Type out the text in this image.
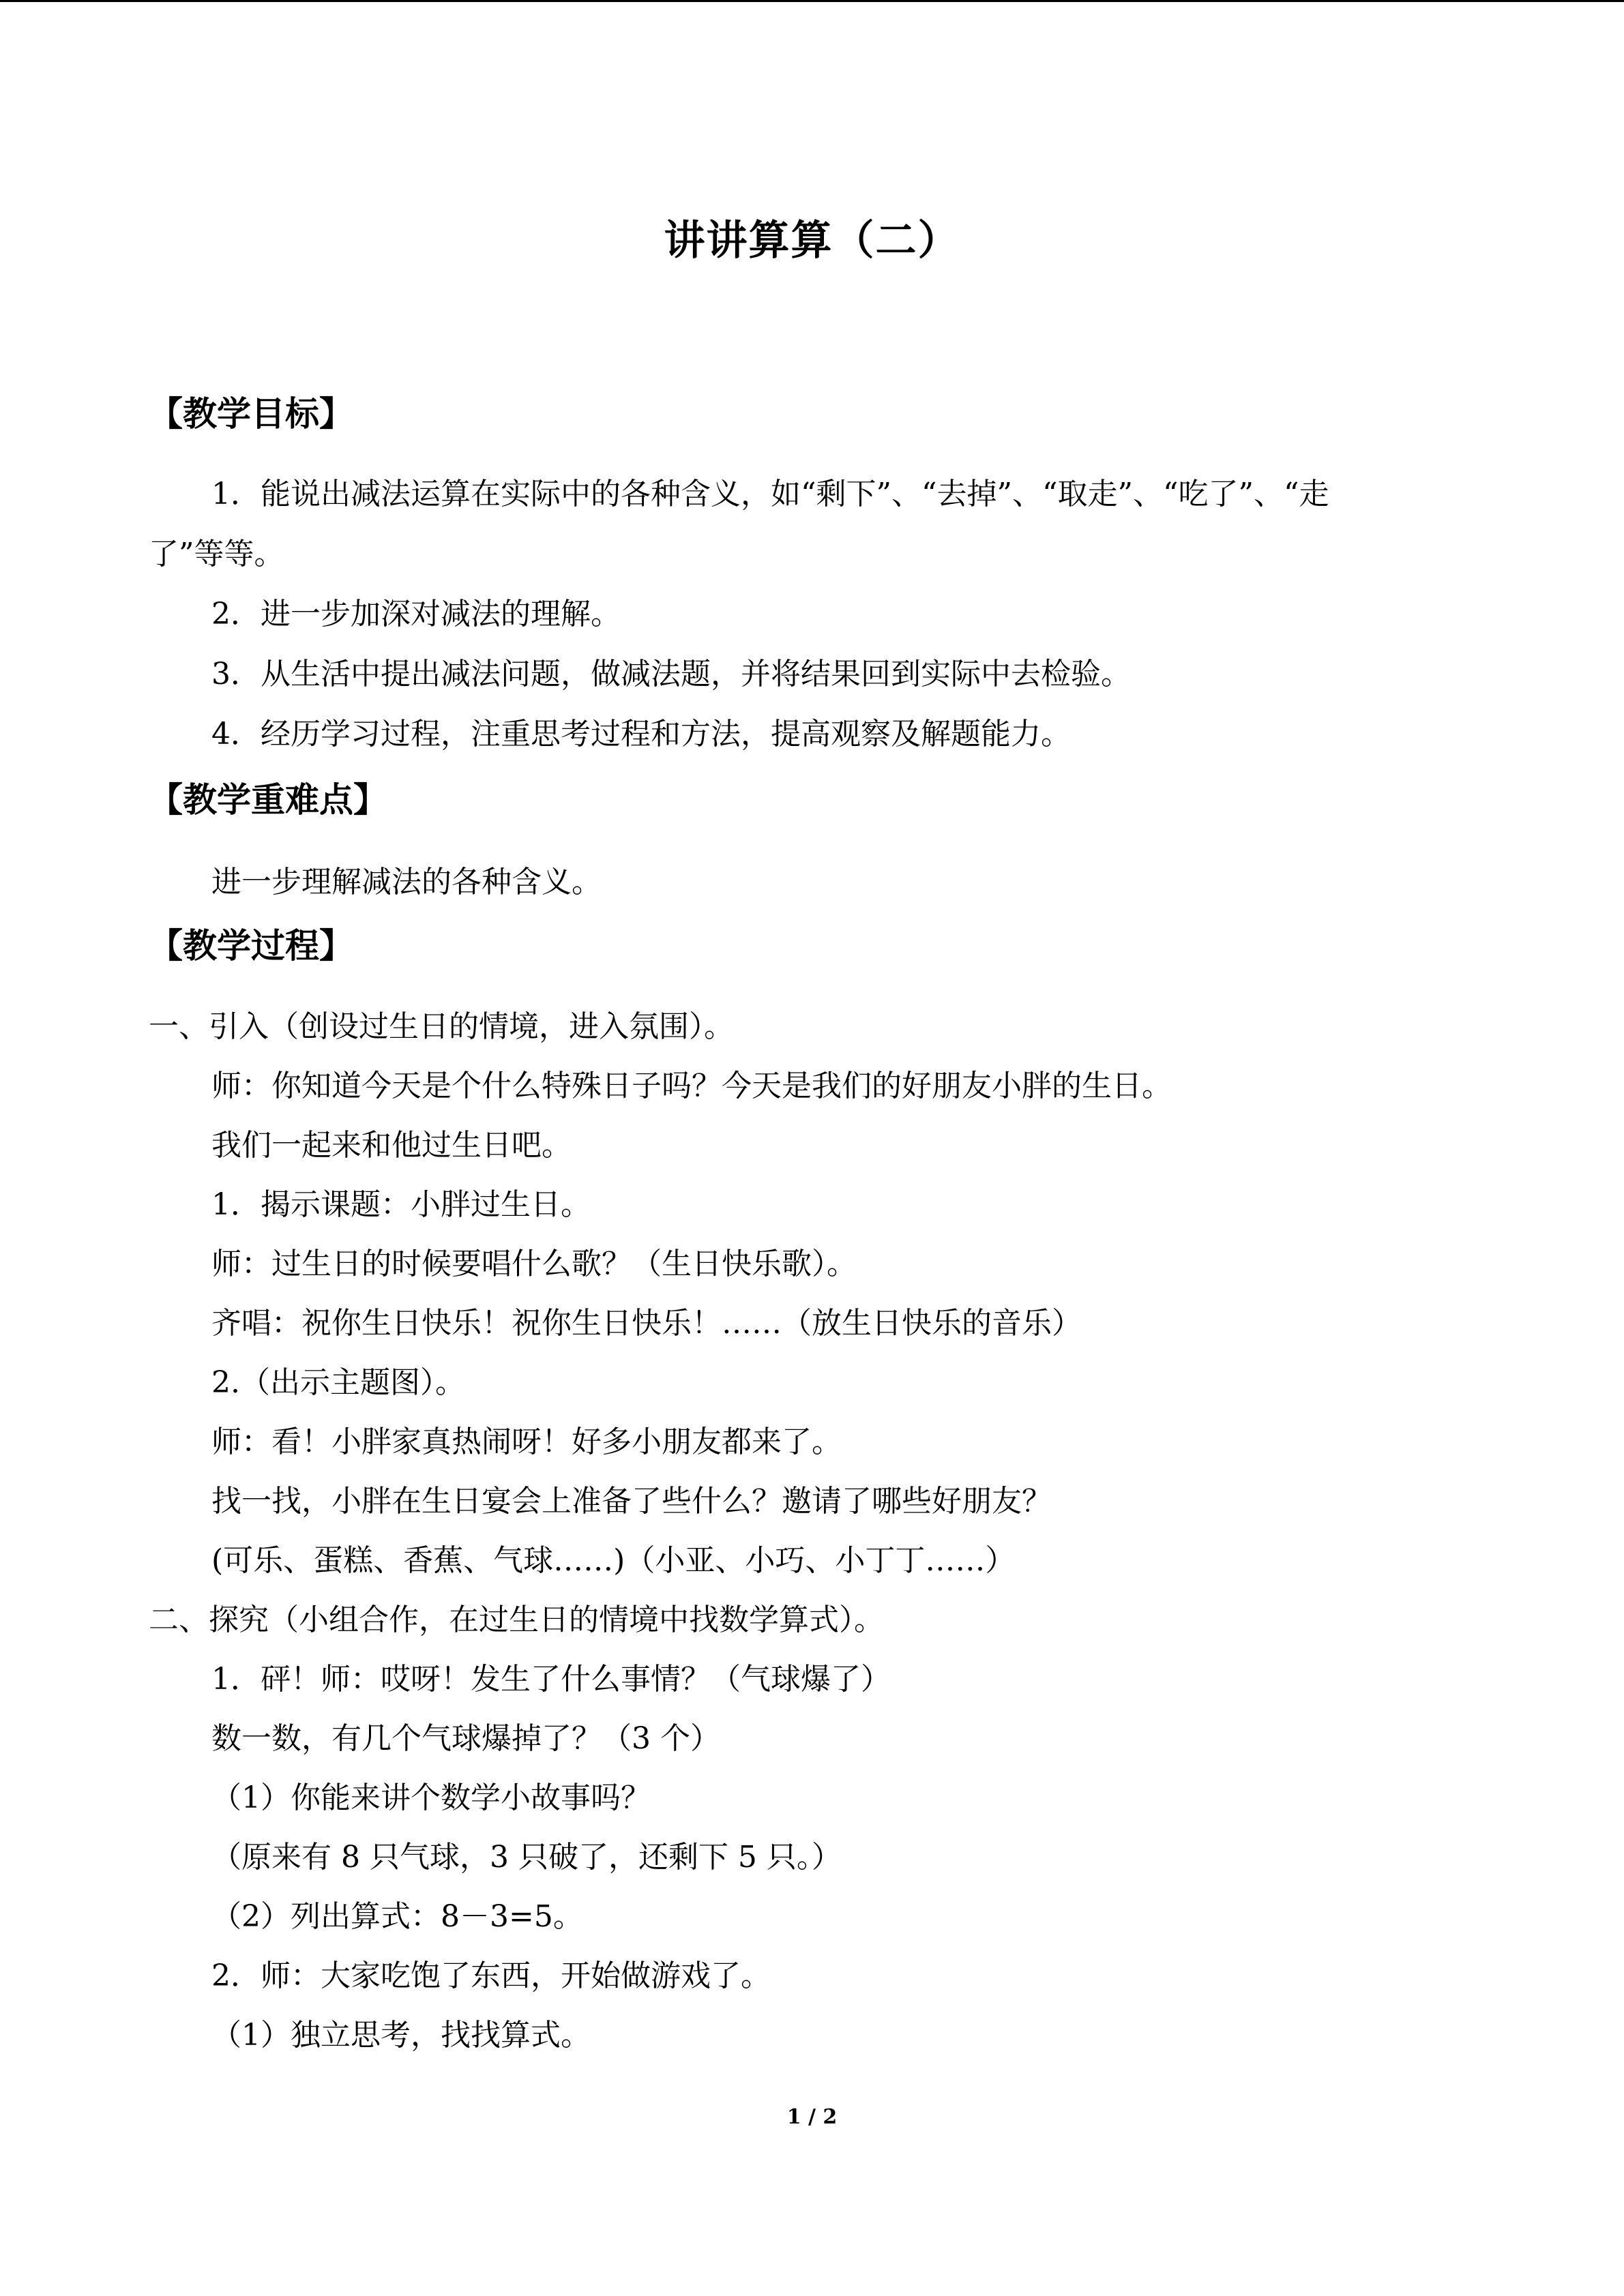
讲讲算算（二）
【教学目标】
1．能说出减法运算在实际中的各种含义，如“剩下”、“去掉”、“取走”、“吃了”、“走
了”等等。
2．进一步加深对减法的理解。
3．从生活中提出减法问题，做减法题，并将结果回到实际中去检验。
4．经历学习过程，注重思考过程和方法，提高观察及解题能力。
【教学重难点】
进一步理解减法的各种含义。
【教学过程】
一、引入（创设过生日的情境，进入氛围）。
师：你知道今天是个什么特殊日子吗？今天是我们的好朋友小胖的生日。
我们一起来和他过生日吧。
1．揭示课题：小胖过生日。
师：过生日的时候要唱什么歌？（生日快乐歌）。
齐唱：祝你生日快乐！祝你生日快乐！……（放生日快乐的音乐）
2.（出示主题图）。
师：看！小胖家真热闹呀！好多小朋友都来了。
找一找，小胖在生日宴会上准备了些什么？邀请了哪些好朋友？
(可乐、蛋糕、香蕉、气球……)（小亚、小巧、小丁丁……）
二、探究（小组合作，在过生日的情境中找数学算式）。
1．砰！师：哎呀！发生了什么事情？（气球爆了）
数一数，有几个气球爆掉了？（3 个）
（1）你能来讲个数学小故事吗？
（原来有 8 只气球，3 只破了，还剩下 5 只。）
（2）列出算式：8－3=5。
2．师：大家吃饱了东西，开始做游戏了。
（1）独立思考，找找算式。
1 / 2
